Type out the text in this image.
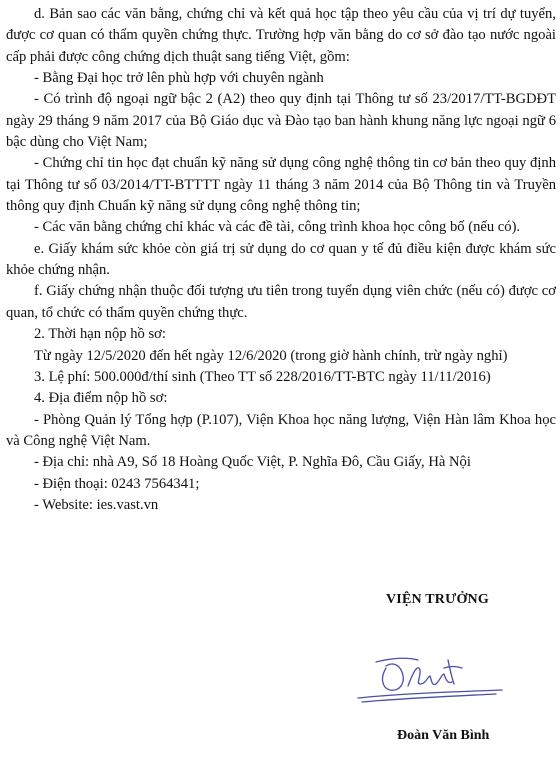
d. Bản sao các văn bằng, chứng chỉ và kết quả học tập theo yêu cầu của vị trí dự tuyển, được cơ quan có thẩm quyền chứng thực. Trường hợp văn bằng do cơ sở đào tạo nước ngoài cấp phải được công chứng dịch thuật sang tiếng Việt, gồm:

- Bằng Đại học trở lên phù hợp với chuyên ngành

- Có trình độ ngoại ngữ bậc 2 (A2) theo quy định tại Thông tư số 23/2017/TT-BGDĐT ngày 29 tháng 9 năm 2017 của Bộ Giáo dục và Đào tạo ban hành khung năng lực ngoại ngữ 6 bậc dùng cho Việt Nam;

- Chứng chỉ tin học đạt chuẩn kỹ năng sử dụng công nghệ thông tin cơ bản theo quy định tại Thông tư số 03/2014/TT-BTTTT ngày 11 tháng 3 năm 2014 của Bộ Thông tin và Truyền thông quy định Chuẩn kỹ năng sử dụng công nghệ thông tin;

- Các văn bằng chứng chỉ khác và các đề tài, công trình khoa học công bố (nếu có).

e. Giấy khám sức khỏe còn giá trị sử dụng do cơ quan y tế đủ điều kiện được khám sức khỏe chứng nhận.

f. Giấy chứng nhận thuộc đối tượng ưu tiên trong tuyển dụng viên chức (nếu có) được cơ quan, tổ chức có thẩm quyền chứng thực.

2. Thời hạn nộp hồ sơ:

Từ ngày 12/5/2020 đến hết ngày 12/6/2020 (trong giờ hành chính, trừ ngày nghỉ)

3. Lệ phí: 500.000đ/thí sinh (Theo TT số 228/2016/TT-BTC ngày 11/11/2016)

4. Địa điểm nộp hồ sơ:

- Phòng Quản lý Tổng hợp (P.107), Viện Khoa học năng lượng, Viện Hàn lâm Khoa học và Công nghệ Việt Nam.

- Địa chỉ: nhà A9, Số 18 Hoàng Quốc Việt, P. Nghĩa Đô, Cầu Giấy, Hà Nội

- Điện thoại: 0243 7564341;

- Website: ies.vast.vn

VIỆN TRƯỞNG
Đoàn Văn Bình
